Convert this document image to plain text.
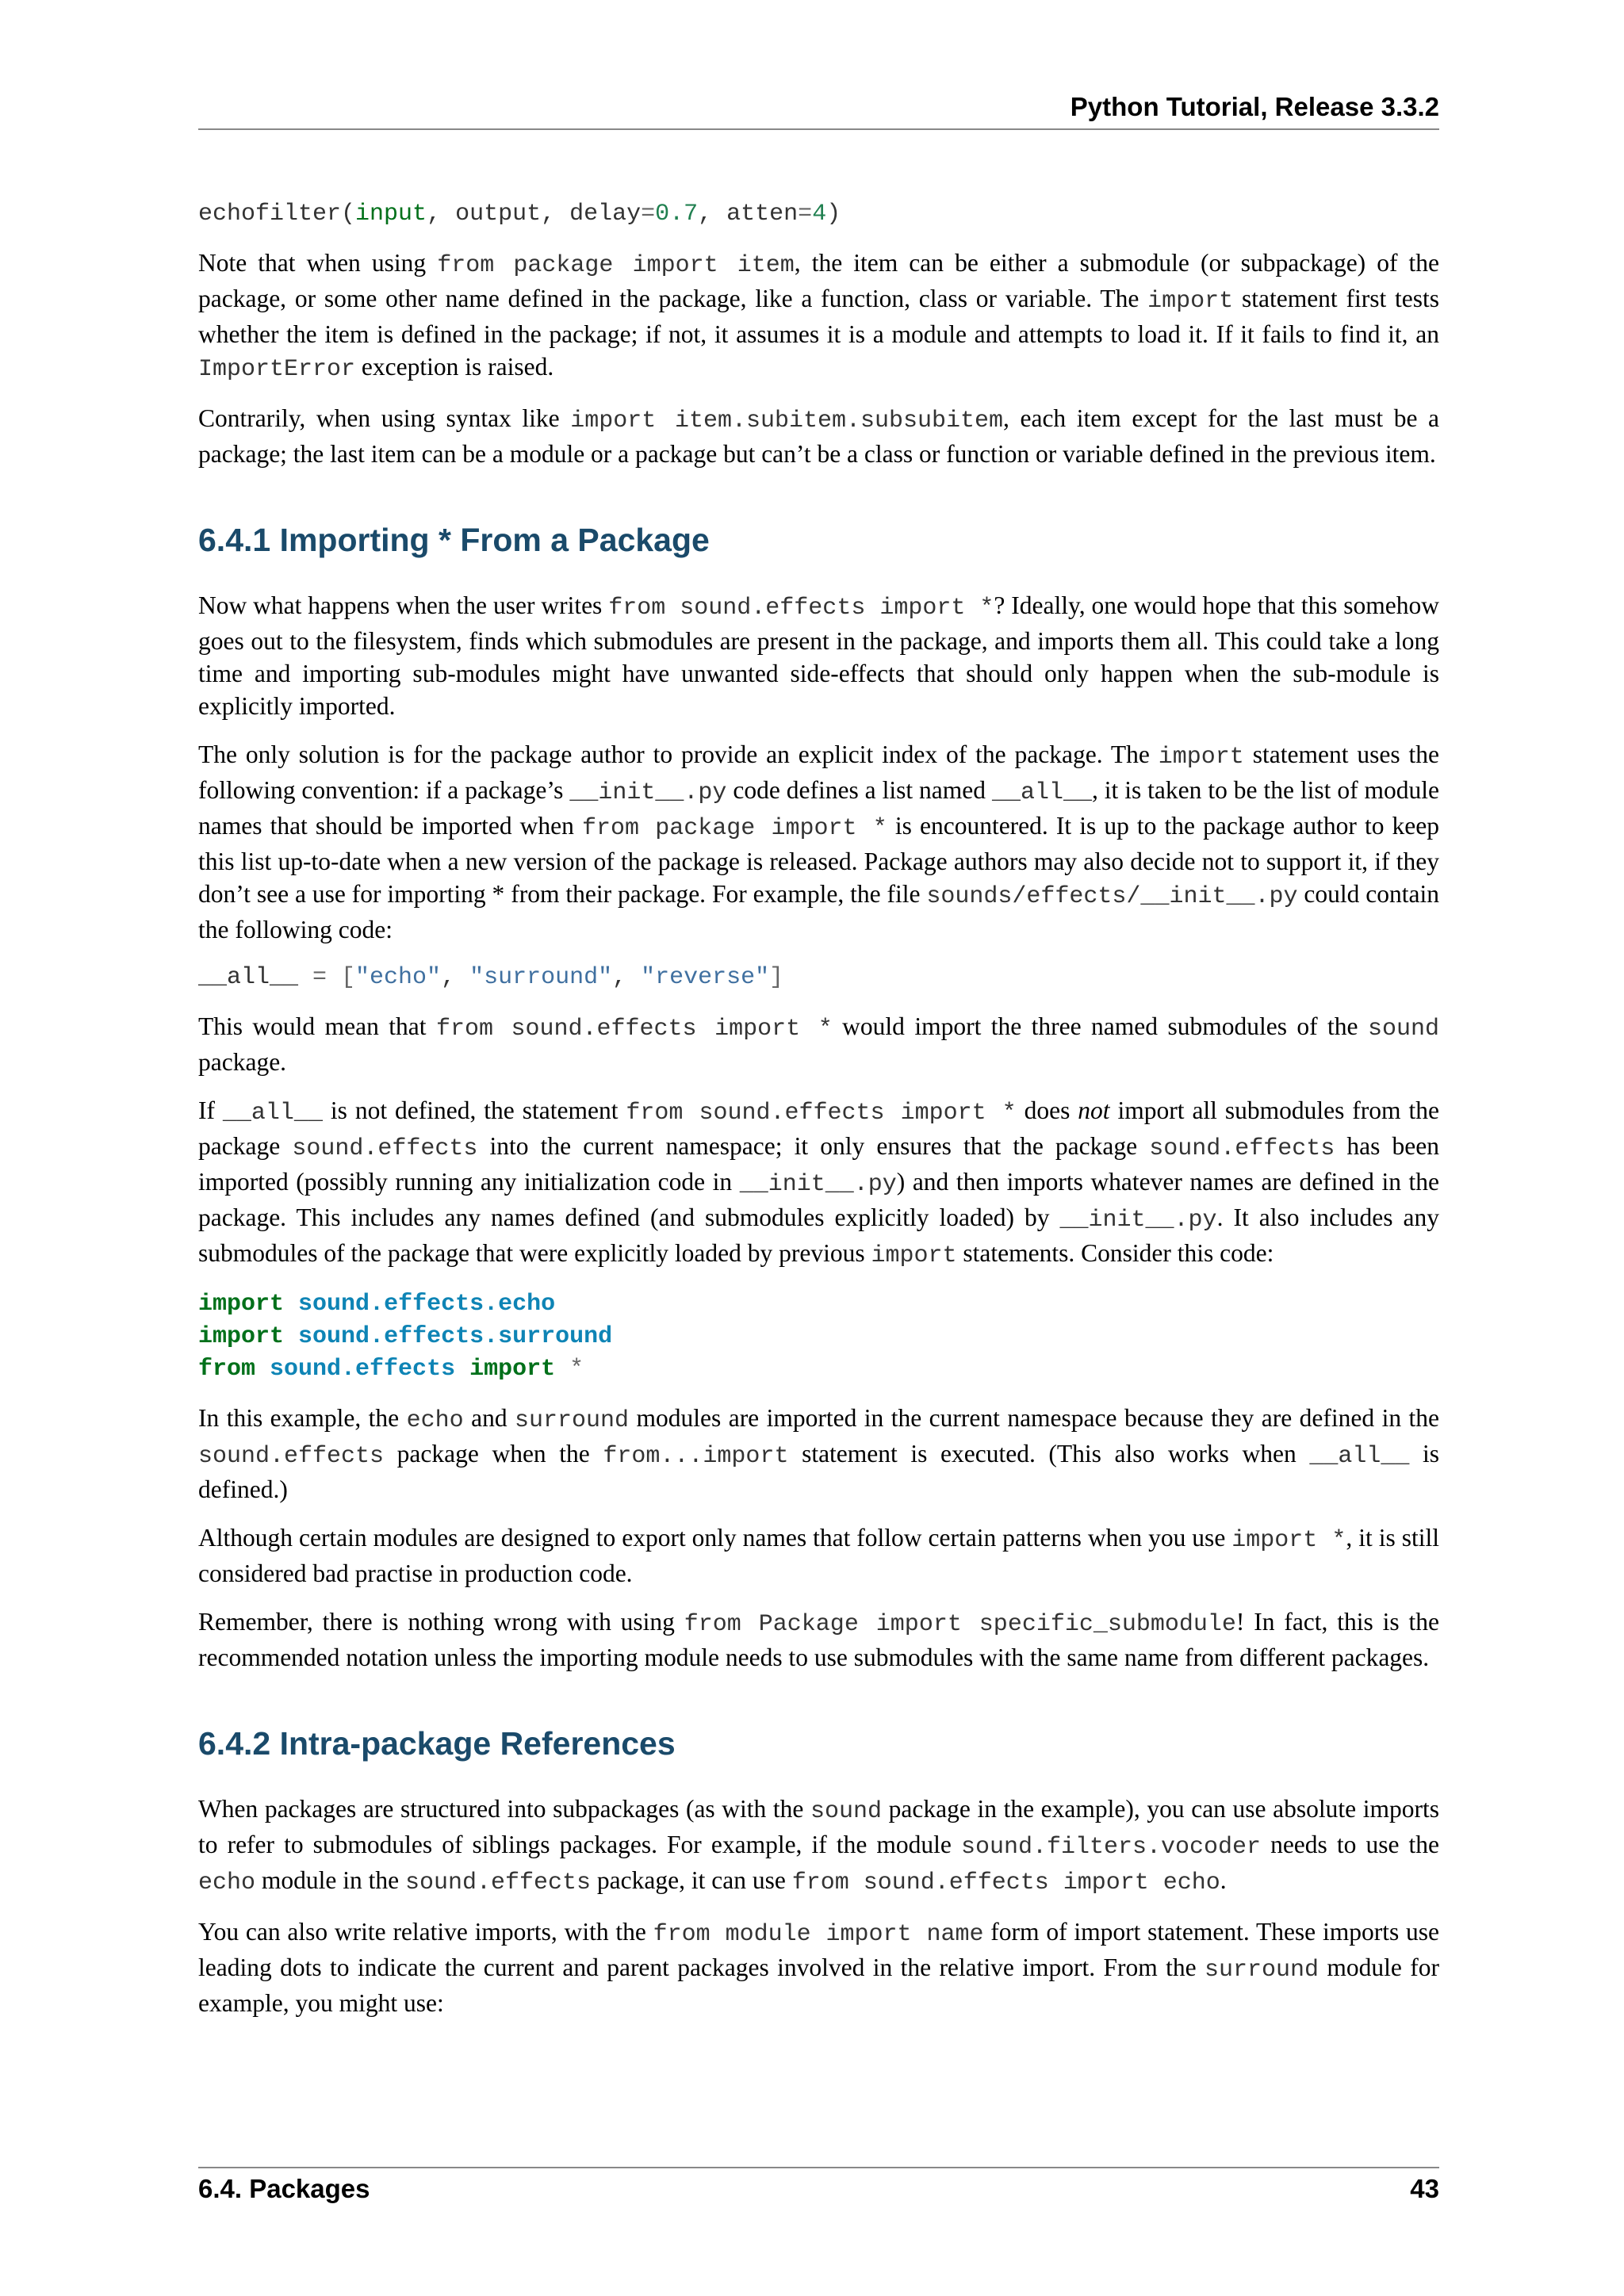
Python Tutorial, Release 3.3.2
echofilter(input, output, delay=0.7, atten=4)

Note that when using from package import item, the item can be either a submodule (or subpackage) of the package, or some other name defined in the package, like a function, class or variable. The import statement first tests whether the item is defined in the package; if not, it assumes it is a module and attempts to load it. If it fails to find it, an ImportError exception is raised.

Contrarily, when using syntax like import item.subitem.subsubitem, each item except for the last must be a package; the last item can be a module or a package but can’t be a class or function or variable defined in the previous item.

6.4.1 Importing * From a Package

Now what happens when the user writes from sound.effects import *? Ideally, one would hope that this somehow goes out to the filesystem, finds which submodules are present in the package, and imports them all. This could take a long time and importing sub-modules might have unwanted side-effects that should only happen when the sub-module is explicitly imported.

The only solution is for the package author to provide an explicit index of the package. The import statement uses the following convention: if a package’s __init__.py code defines a list named __all__, it is taken to be the list of module names that should be imported when from package import * is encountered. It is up to the package author to keep this list up-to-date when a new version of the package is released. Package authors may also decide not to support it, if they don’t see a use for importing * from their package. For example, the file sounds/effects/__init__.py could contain the following code:

__all__ = ["echo", "surround", "reverse"]

This would mean that from sound.effects import * would import the three named submodules of the sound package.

If __all__ is not defined, the statement from sound.effects import * does not import all submodules from the package sound.effects into the current namespace; it only ensures that the package sound.effects has been imported (possibly running any initialization code in __init__.py) and then imports whatever names are defined in the package. This includes any names defined (and submodules explicitly loaded) by __init__.py. It also includes any submodules of the package that were explicitly loaded by previous import statements. Consider this code:

import sound.effects.echo
import sound.effects.surround
from sound.effects import *

In this example, the echo and surround modules are imported in the current namespace because they are defined in the sound.effects package when the from...import statement is executed. (This also works when __all__ is defined.)

Although certain modules are designed to export only names that follow certain patterns when you use import *, it is still considered bad practise in production code.

Remember, there is nothing wrong with using from Package import specific_submodule! In fact, this is the recommended notation unless the importing module needs to use submodules with the same name from different packages.

6.4.2 Intra-package References

When packages are structured into subpackages (as with the sound package in the example), you can use absolute imports to refer to submodules of siblings packages. For example, if the module sound.filters.vocoder needs to use the echo module in the sound.effects package, it can use from sound.effects import echo.

You can also write relative imports, with the from module import name form of import statement. These imports use leading dots to indicate the current and parent packages involved in the relative import. From the surround module for example, you might use:

6.4. Packages	43
